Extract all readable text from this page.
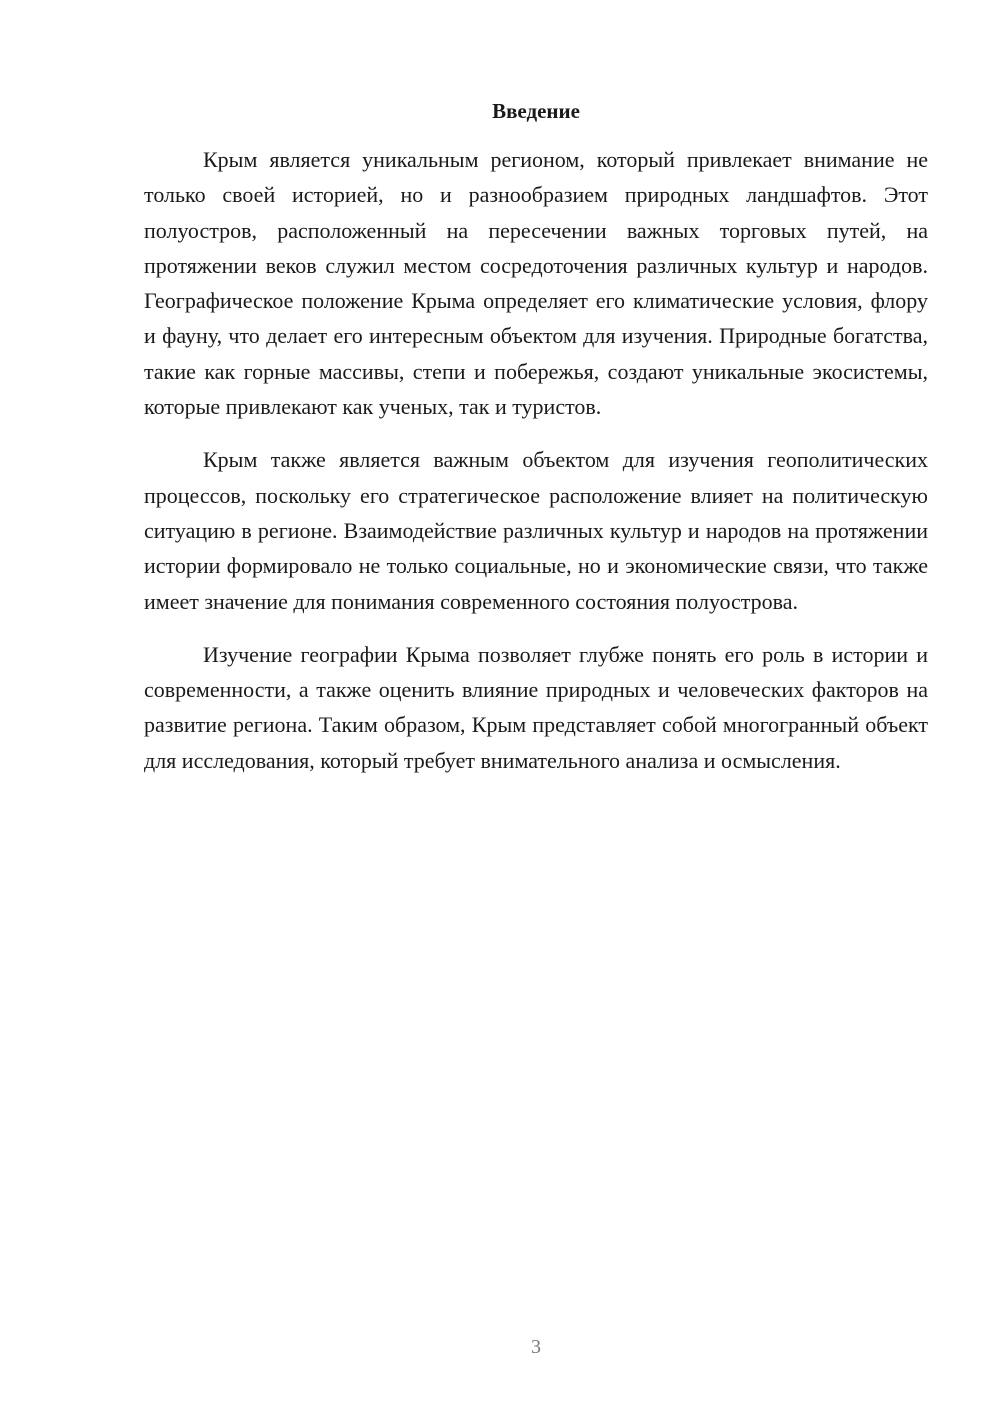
Введение

Крым является уникальным регионом, который привлекает внимание не только своей историей, но и разнообразием природных ландшафтов. Этот полуостров, расположенный на пересечении важных торговых путей, на протяжении веков служил местом сосредоточения различных культур и народов. Географическое положение Крыма определяет его климатические условия, флору и фауну, что делает его интересным объектом для изучения. Природные богатства, такие как горные массивы, степи и побережья, создают уникальные экосистемы, которые привлекают как ученых, так и туристов.

Крым также является важным объектом для изучения геополитических процессов, поскольку его стратегическое расположение влияет на политическую ситуацию в регионе. Взаимодействие различных культур и народов на протяжении истории формировало не только социальные, но и экономические связи, что также имеет значение для понимания современного состояния полуострова.

Изучение географии Крыма позволяет глубже понять его роль в истории и современности, а также оценить влияние природных и человеческих факторов на развитие региона. Таким образом, Крым представляет собой многогранный объект для исследования, который требует внимательного анализа и осмысления.

3
